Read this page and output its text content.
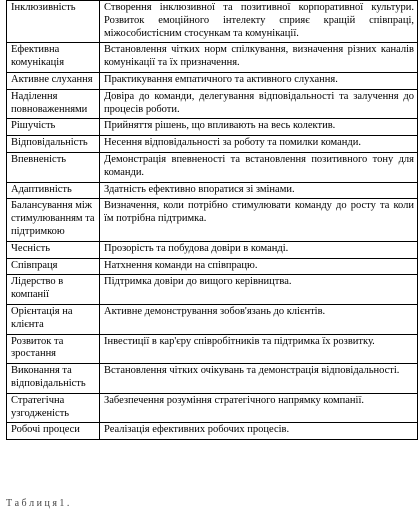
Інклюзивність	Створення інклюзивної та позитивної корпоративної культури. Розвиток емоційного інтелекту сприяє кращій співпраці, міжособистісним стосункам та комунікації.
Ефективна комунікація	Встановлення чітких норм спілкування, визначення різних каналів комунікації та їх призначення.
Активне слухання	Практикування емпатичного та активного слухання.
Наділення повноваженнями	Довіра до команди, делегування відповідальності та залучення до процесів роботи.
Рішучість	Прийняття рішень, що впливають на весь колектив.
Відповідальність	Несення відповідальності за роботу та помилки команди.
Впевненість	Демонстрація впевненості та встановлення позитивного тону для команди.
Адаптивність	Здатність ефективно впоратися зі змінами.
Балансування між стимулюванням та підтримкою	Визначення, коли потрібно стимулювати команду до росту та коли їм потрібна підтримка.
Чесність	Прозорість та побудова довіри в команді.
Співпраця	Натхнення команди на співпрацю.
Лідерство в компанії	Підтримка довіри до вищого керівництва.
Орієнтація на клієнта	Активне демонстрування зобов'язань до клієнтів.
Розвиток та зростання	Інвестиції в кар'єру співробітників та підтримка їх розвитку.
Виконання та відповідальність	Встановлення чітких очікувань та демонстрація відповідальності.
Стратегічна узгодженість	Забезпечення розуміння стратегічного напрямку компанії.
Робочі процеси	Реалізація ефективних робочих процесів.
Т а б л и ц я 1 .
